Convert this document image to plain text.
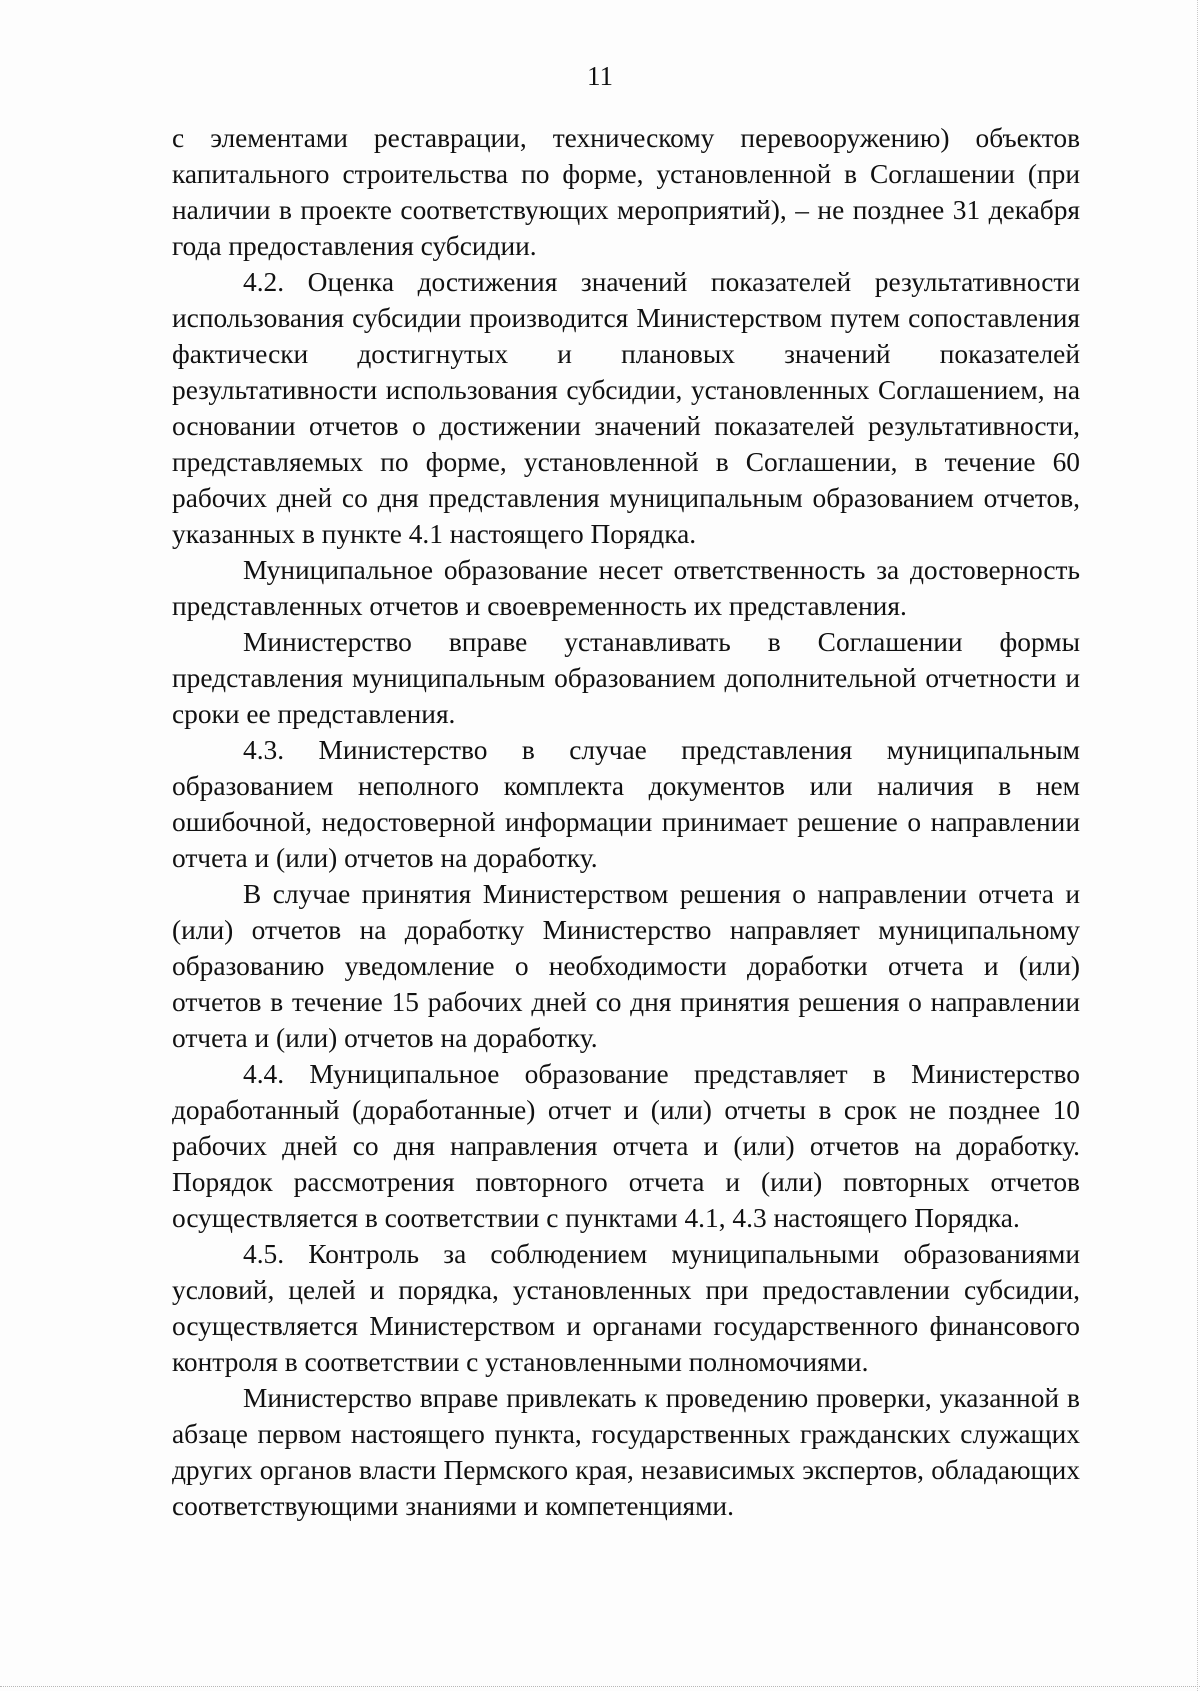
11

с элементами реставрации, техническому перевооружению) объектов капитального строительства по форме, установленной в Соглашении (при наличии в проекте соответствующих мероприятий), – не позднее 31 декабря года предоставления субсидии.

4.2. Оценка достижения значений показателей результативности использования субсидии производится Министерством путем сопоставления фактически достигнутых и плановых значений показателей результативности использования субсидии, установленных Соглашением, на основании отчетов о достижении значений показателей результативности, представляемых по форме, установленной в Соглашении, в течение 60 рабочих дней со дня представления муниципальным образованием отчетов, указанных в пункте 4.1 настоящего Порядка.

Муниципальное образование несет ответственность за достоверность представленных отчетов и своевременность их представления.

Министерство вправе устанавливать в Соглашении формы представления муниципальным образованием дополнительной отчетности и сроки ее представления.

4.3. Министерство в случае представления муниципальным образованием неполного комплекта документов или наличия в нем ошибочной, недостоверной информации принимает решение о направлении отчета и (или) отчетов на доработку.

В случае принятия Министерством решения о направлении отчета и (или) отчетов на доработку Министерство направляет муниципальному образованию уведомление о необходимости доработки отчета и (или) отчетов в течение 15 рабочих дней со дня принятия решения о направлении отчета и (или) отчетов на доработку.

4.4. Муниципальное образование представляет в Министерство доработанный (доработанные) отчет и (или) отчеты в срок не позднее 10 рабочих дней со дня направления отчета и (или) отчетов на доработку. Порядок рассмотрения повторного отчета и (или) повторных отчетов осуществляется в соответствии с пунктами 4.1, 4.3 настоящего Порядка.

4.5. Контроль за соблюдением муниципальными образованиями условий, целей и порядка, установленных при предоставлении субсидии, осуществляется Министерством и органами государственного финансового контроля в соответствии с установленными полномочиями.

Министерство вправе привлекать к проведению проверки, указанной в абзаце первом настоящего пункта, государственных гражданских служащих других органов власти Пермского края, независимых экспертов, обладающих соответствующими знаниями и компетенциями.
